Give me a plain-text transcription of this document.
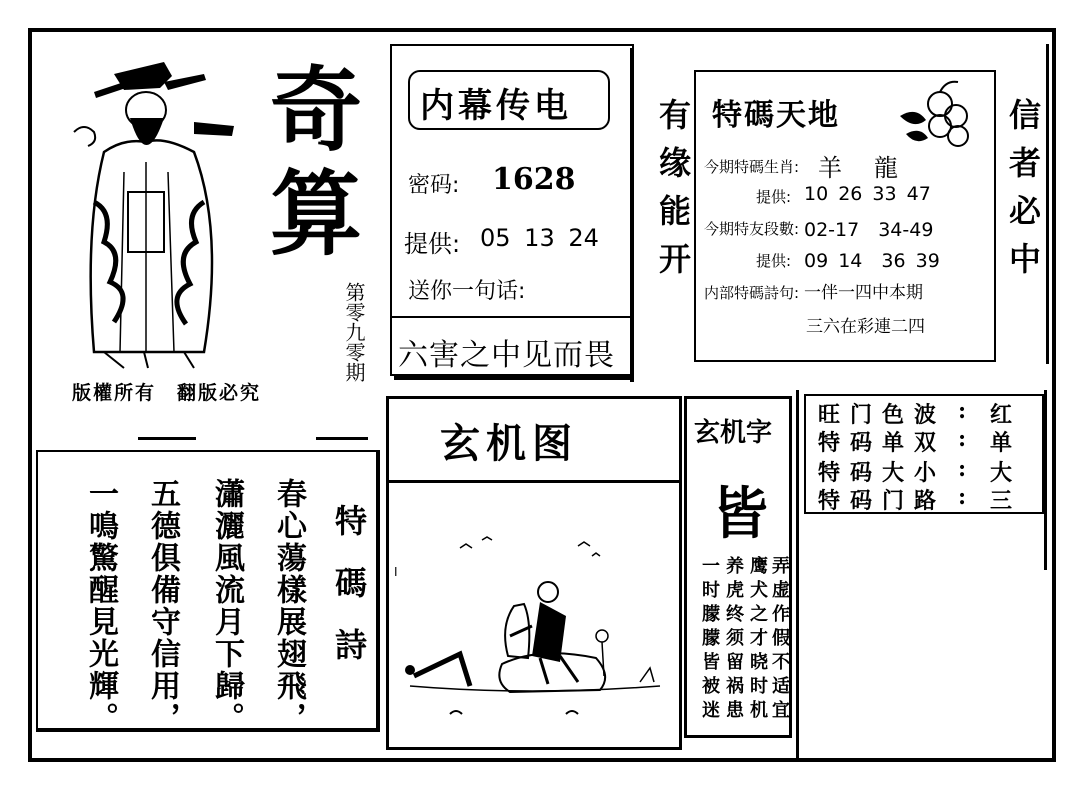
奇
算
第零九零期
版權所有　翻版必究
内幕传电
密码: 1628
提供: 05 13 24
送你一句话:
六害之中见而畏
有缘能开	信者必中
特碼天地
今期特碼生肖: 羊　龍
提供: 10 26 33 47
今期特友段數: 02-17　34-49
提供: 09 14　36 39
内部特碼詩句: 一伴一四中本期
三六在彩連二四
旺门色波 : 红
特码单双 : 单
特码大小 : 大
特码门路 : 三
玄机图
I
玄机字
皆
弄虚作假不适宜
鹰犬之才晓时机
养虎终须留祸患
一时朦朦皆被迷
特碼詩
春心蕩樣展翅飛，
瀟灑風流月下歸。
五德俱備守信用，
一鳴驚醒見光輝。
